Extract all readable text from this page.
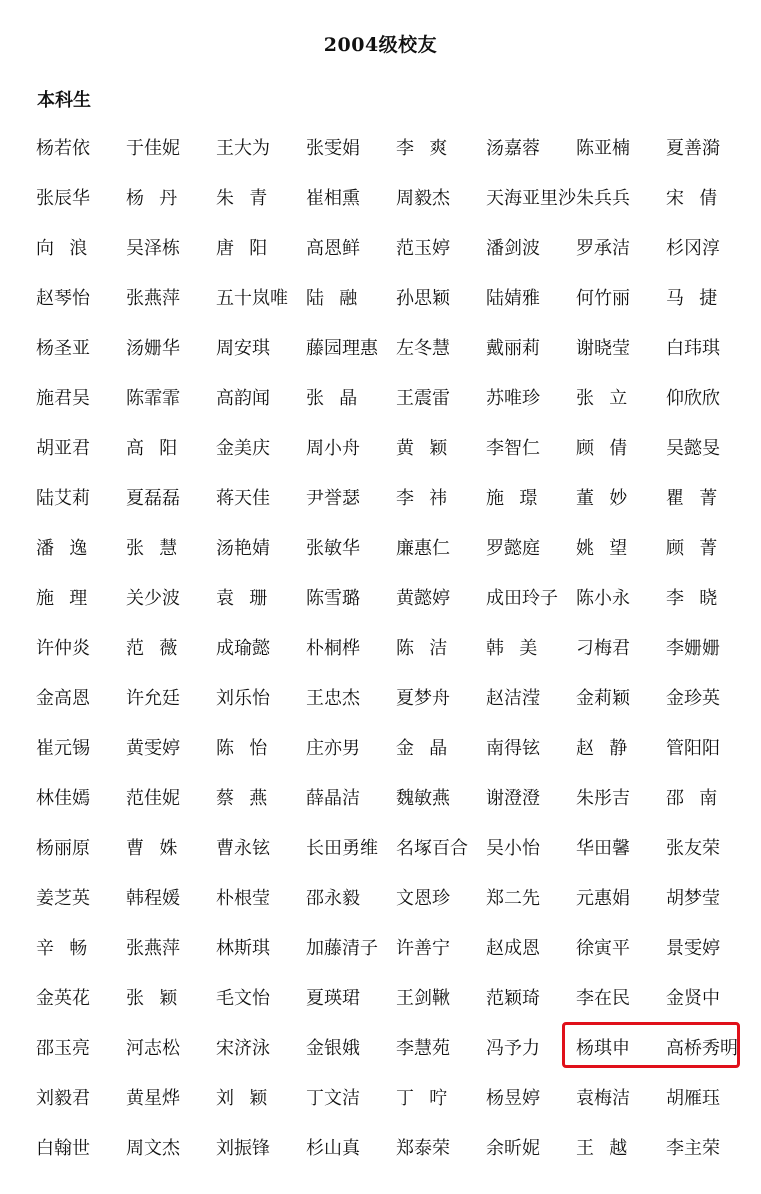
2004级校友
本科生
杨若依	于佳妮	王大为	张雯娟	李爽	汤嘉蓉	陈亚楠	夏善漪
张辰华	杨丹	朱青	崔相熏	周毅杰	天海亚里沙 朱兵兵	宋倩
向浪	吴泽栋	唐阳	高恩鲜	范玉婷	潘剑波	罗承洁	杉冈淳
赵琴怡	张燕萍	五十岚唯	陆融	孙思颖	陆婧雅	何竹丽	马捷
杨圣亚	汤姗华	周安琪	藤园理惠	左冬慧	戴丽莉	谢晓莹	白玮琪
施君吴	陈霏霏	高韵闻	张晶	王震雷	苏唯珍	张立	仰欣欣
胡亚君	高阳	金美庆	周小舟	黄颖	李智仁	顾倩	吴懿旻
陆艾莉	夏磊磊	蒋天佳	尹誉瑟	李祎	施璟	董妙	瞿菁
潘逸	张慧	汤艳婧	张敏华	廉惠仁	罗懿庭	姚望	顾菁
施理	关少波	袁珊	陈雪璐	黄懿婷	成田玲子	陈小永	李晓
许仲炎	范薇	成瑜懿	朴桐桦	陈洁	韩美	刁梅君	李姗姗
金高恩	许允廷	刘乐怡	王忠杰	夏梦舟	赵洁滢	金莉颖	金珍英
崔元锡	黄雯婷	陈怡	庄亦男	金晶	南得铉	赵静	管阳阳
林佳嫣	范佳妮	蔡燕	薛晶洁	魏敏燕	谢澄澄	朱彤吉	邵南
杨丽原	曹姝	曹永铉	长田勇维	名塚百合	吴小怡	华田馨	张友荣
姜芝英	韩程媛	朴根莹	邵永毅	文恩珍	郑二先	元惠娟	胡梦莹
辛畅	张燕萍	林斯琪	加藤清子	许善宁	赵成恩	徐寅平	景雯婷
金英花	张颖	毛文怡	夏瑛珺	王剑鞦	范颖琦	李在民	金贤中
邵玉亮	河志松	宋济泳	金银娥	李慧苑	冯予力	杨琪申	高桥秀明
刘毅君	黄星烨	刘颖	丁文洁	丁咛	杨昱婷	袁梅洁	胡雁珏
白翰世	周文杰	刘振锋	杉山真	郑泰荣	余昕妮	王越	李主荣
